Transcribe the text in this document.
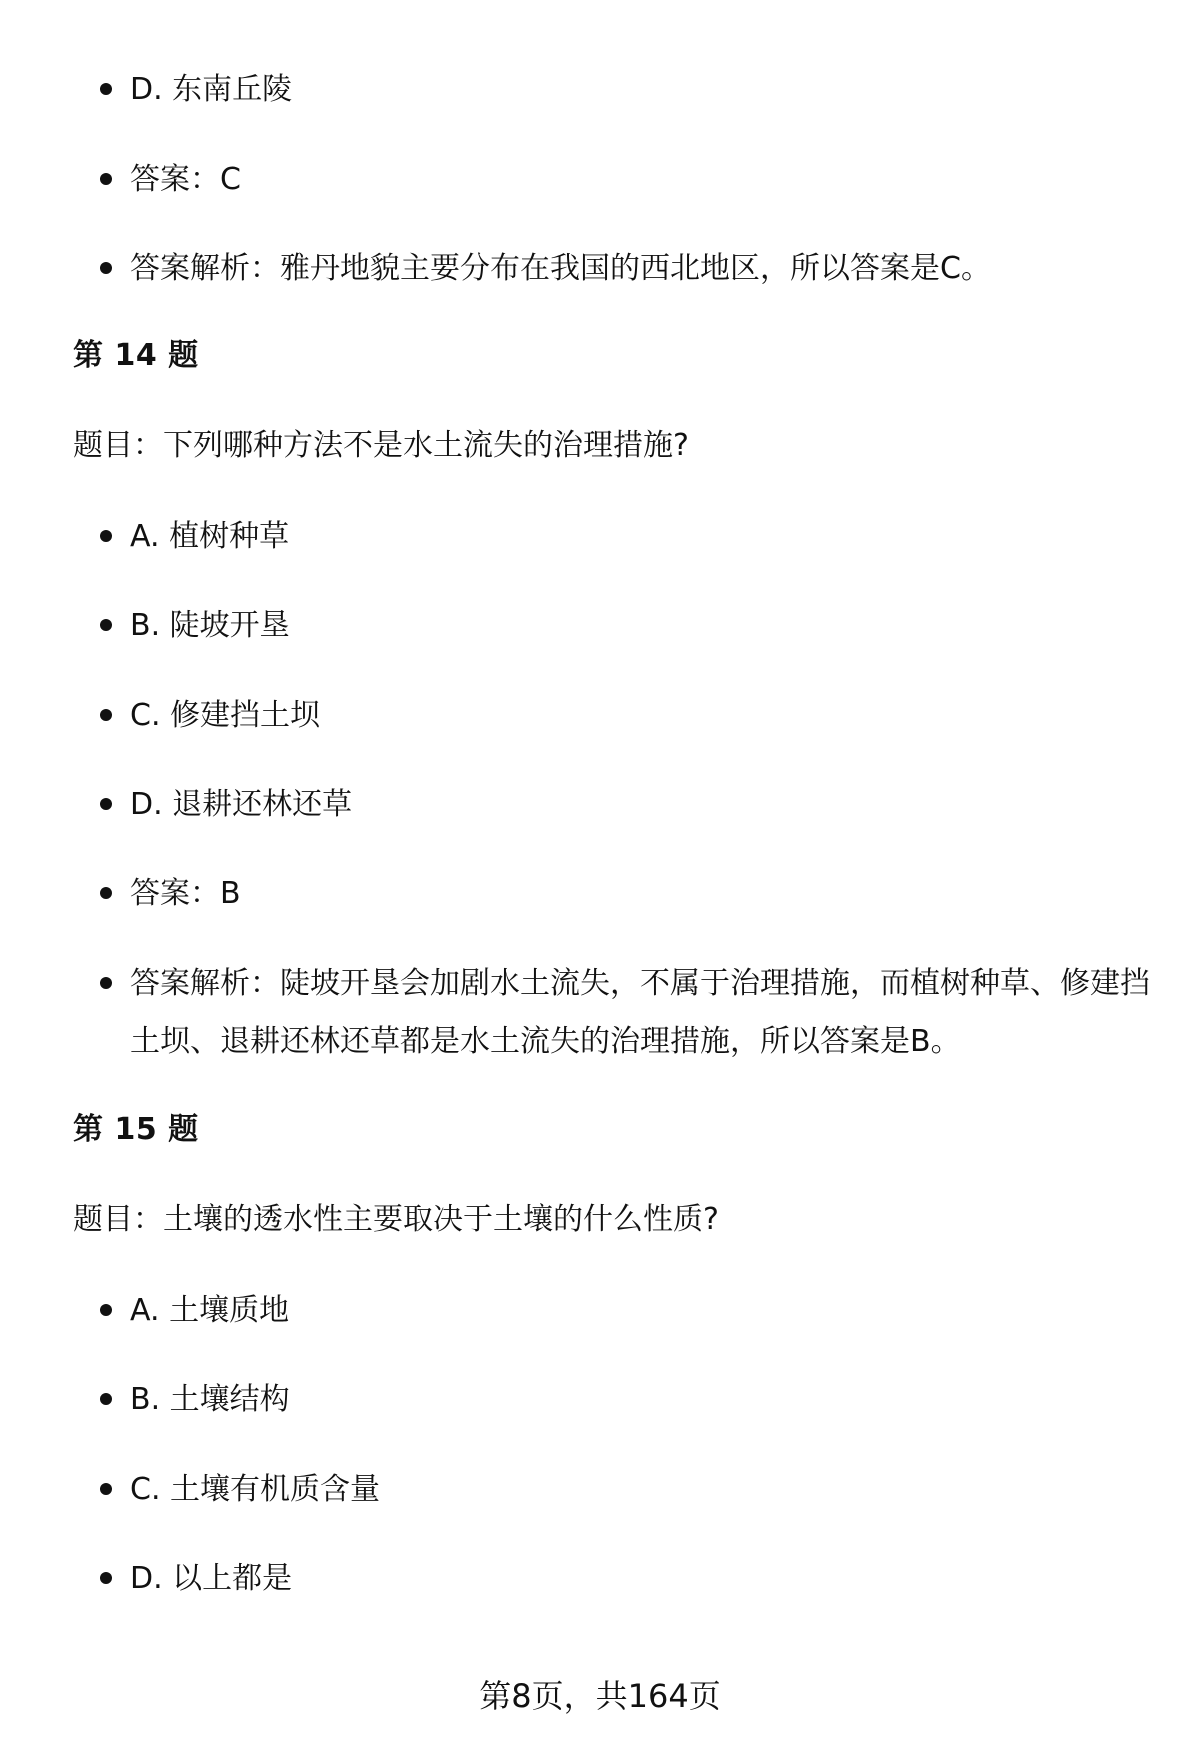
D. 东南丘陵
答案：C
答案解析：雅丹地貌主要分布在我国的西北地区，所以答案是C。
第 14 题
题目：下列哪种方法不是水土流失的治理措施?
A. 植树种草
B. 陡坡开垦
C. 修建挡土坝
D. 退耕还林还草
答案：B
答案解析：陡坡开垦会加剧水土流失，不属于治理措施，而植树种草、修建挡土坝、退耕还林还草都是水土流失的治理措施，所以答案是B。
第 15 题
题目：土壤的透水性主要取决于土壤的什么性质?
A. 土壤质地
B. 土壤结构
C. 土壤有机质含量
D. 以上都是
第8页，共164页
